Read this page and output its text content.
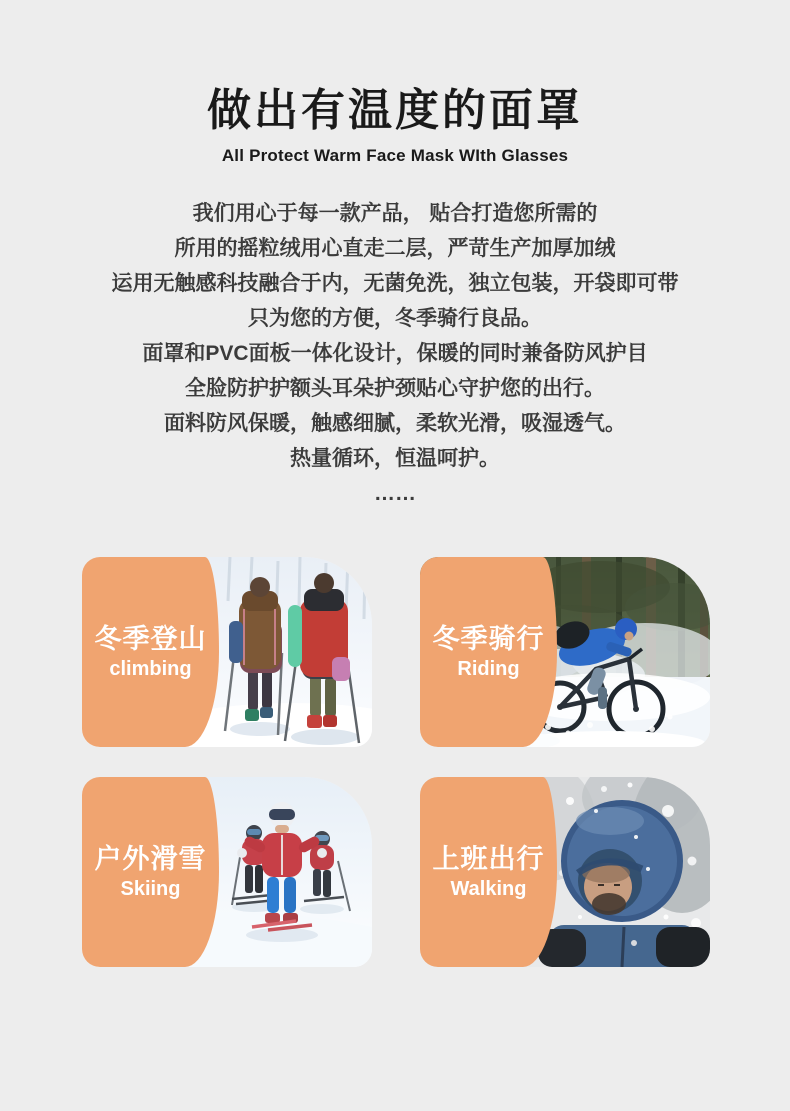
做出有温度的面罩
All Protect Warm Face Mask WIth Glasses
我们用心于每一款产品， 贴合打造您所需的
所用的摇粒绒用心直走二层，严苛生产加厚加绒
运用无触感科技融合于内，无菌免洗，独立包装，开袋即可带
只为您的方便，冬季骑行良品。
面罩和PVC面板一体化设计，保暖的同时兼备防风护目
全脸防护护额头耳朵护颈贴心守护您的出行。
面料防风保暖，触感细腻，柔软光滑，吸湿透气。
热量循环，恒温呵护。
……
冬季登山
climbing
冬季骑行
Riding
户外滑雪
Skiing
上班出行
Walking
